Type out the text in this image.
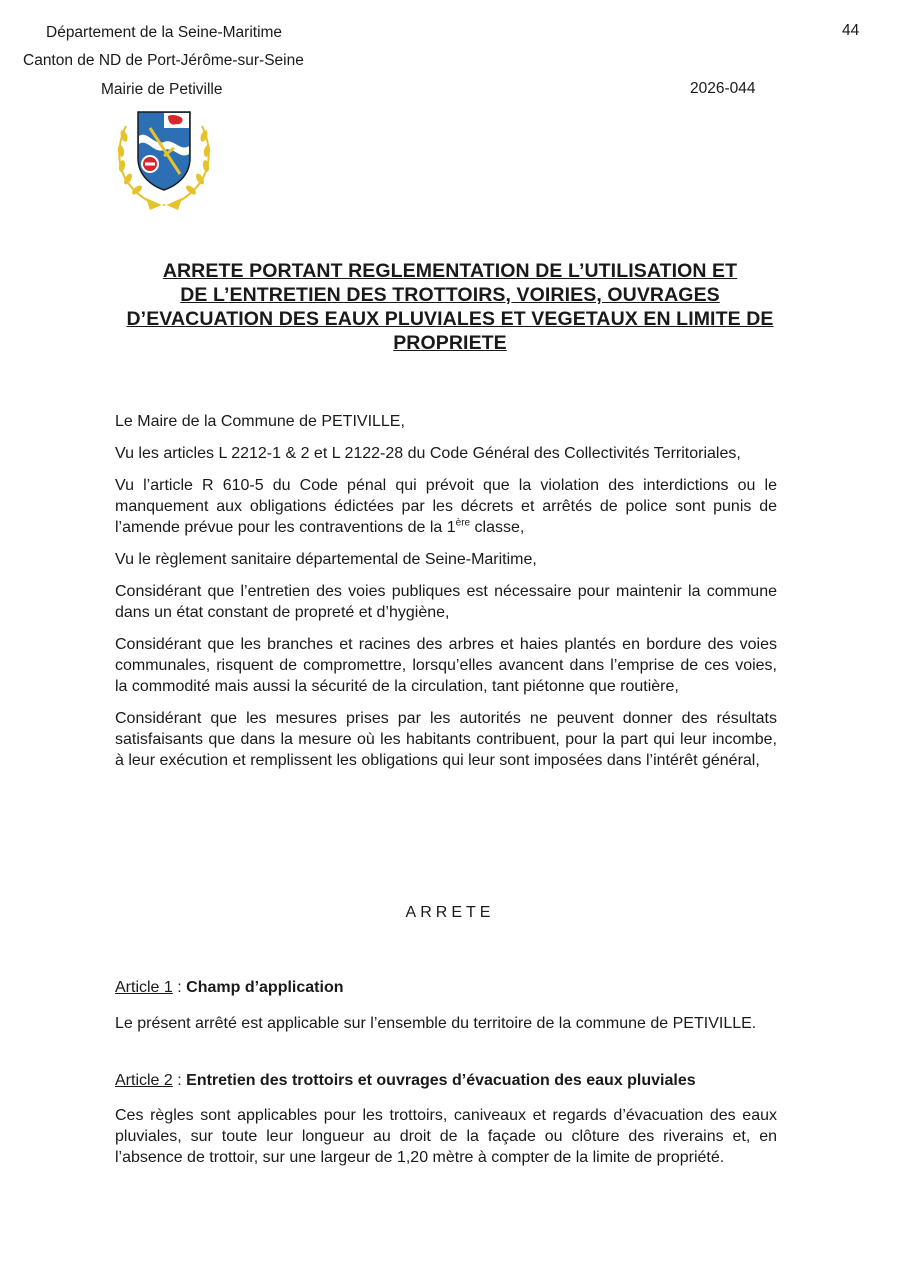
Département de la Seine-Maritime
Canton de ND de Port-Jérôme-sur-Seine
Mairie de Petiville
44
2026-044
ARRETE PORTANT REGLEMENTATION DE L’UTILISATION ET
DE L’ENTRETIEN DES TROTTOIRS, VOIRIES, OUVRAGES
D’EVACUATION DES EAUX PLUVIALES ET VEGETAUX EN LIMITE DE
PROPRIETE

Le Maire de la Commune de PETIVILLE,

Vu les articles L 2212-1 & 2 et L 2122-28 du Code Général des Collectivités Territoriales,

Vu l’article R 610-5 du Code pénal qui prévoit que la violation des interdictions ou le manquement aux obligations édictées par les décrets et arrêtés de police sont punis de l’amende prévue pour les contraventions de la 1ère classe,

Vu le règlement sanitaire départemental de Seine-Maritime,

Considérant que l’entretien des voies publiques est nécessaire pour maintenir la commune dans un état constant de propreté et d’hygiène,

Considérant que les branches et racines des arbres et haies plantés en bordure des voies communales, risquent de compromettre, lorsqu’elles avancent dans l’emprise de ces voies, la commodité mais aussi la sécurité de la circulation, tant piétonne que routière,

Considérant que les mesures prises par les autorités ne peuvent donner des résultats satisfaisants que dans la mesure où les habitants contribuent, pour la part qui leur incombe, à leur exécution et remplissent les obligations qui leur sont imposées dans l’intérêt général,

ARRETE
Article 1 : Champ d’application
Le présent arrêté est applicable sur l’ensemble du territoire de la commune de PETIVILLE.
Article 2 : Entretien des trottoirs et ouvrages d’évacuation des eaux pluviales
Ces règles sont applicables pour les trottoirs, caniveaux et regards d’évacuation des eaux pluviales, sur toute leur longueur au droit de la façade ou clôture des riverains et, en l’absence de trottoir, sur une largeur de 1,20 mètre à compter de la limite de propriété.
